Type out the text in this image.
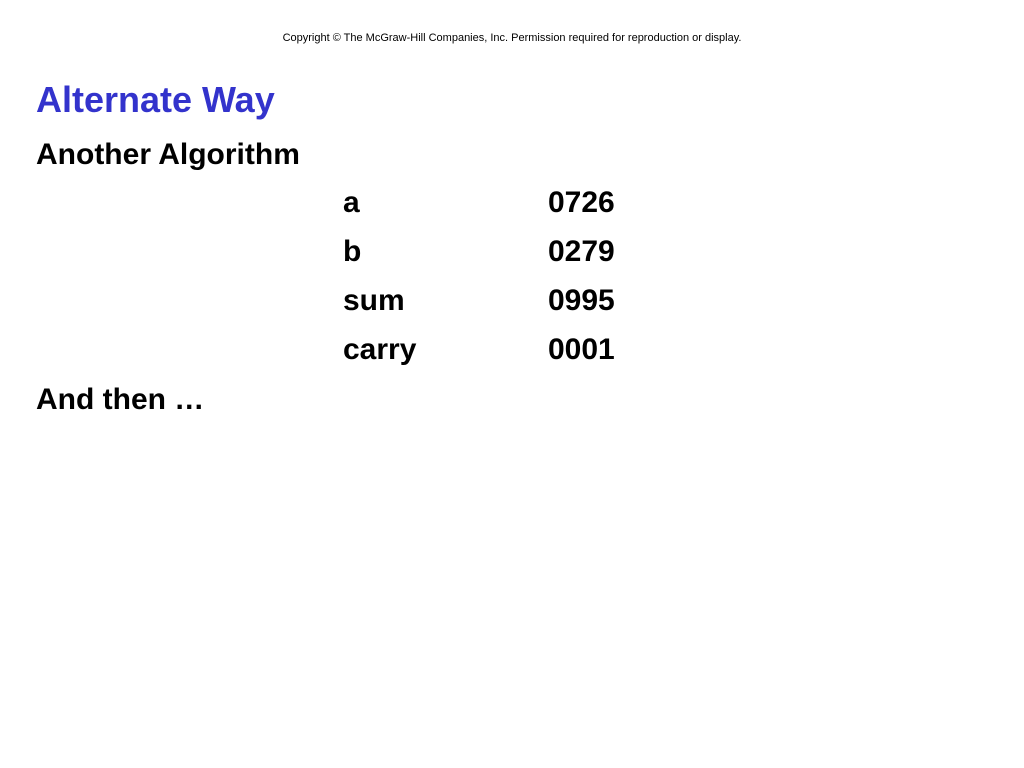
Copyright © The McGraw-Hill Companies, Inc. Permission required for reproduction or display.
Alternate Way
Another Algorithm
a	0726
b	0279
sum	0995
carry	0001
And then …
